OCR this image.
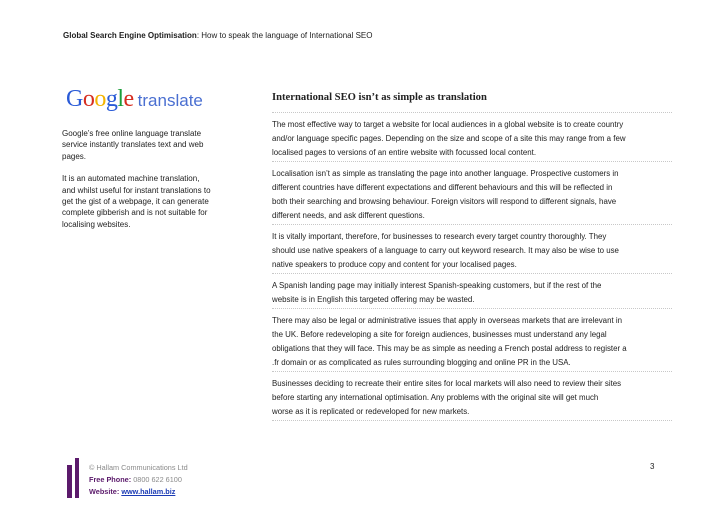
Global Search Engine Optimisation: How to speak the language of International SEO
Google translate

Google’s free online language translate service instantly translates text and web pages.

It is an automated machine translation, and whilst useful for instant translations to get the gist of a webpage, it can generate complete gibberish and is not suitable for localising websites.

International SEO isn’t as simple as translation

The most effective way to target a website for local audiences in a global website is to create country
and/or language specific pages. Depending on the size and scope of a site this may range from a few
localised pages to versions of an entire website with focussed local content.

Localisation isn’t as simple as translating the page into another language. Prospective customers in
different countries have different expectations and different behaviours and this will be reflected in
both their searching and browsing behaviour. Foreign visitors will respond to different signals, have
different needs, and ask different questions.

It is vitally important, therefore, for businesses to research every target country thoroughly. They
should use native speakers of a language to carry out keyword research. It may also be wise to use
native speakers to produce copy and content for your localised pages.

A Spanish landing page may initially interest Spanish-speaking customers, but if the rest of the
website is in English this targeted offering may be wasted.

There may also be legal or administrative issues that apply in overseas markets that are irrelevant in
the UK. Before redeveloping a site for foreign audiences, businesses must understand any legal
obligations that they will face. This may be as simple as needing a French postal address to register a
.fr domain or as complicated as rules surrounding blogging and online PR in the USA.

Businesses deciding to recreate their entire sites for local markets will also need to review their sites
before starting any international optimisation. Any problems with the original site will get much
worse as it is replicated or redeveloped for new markets.

3
© Hallam Communications Ltd
Free Phone: 0800 622 6100
Website: www.hallam.biz
